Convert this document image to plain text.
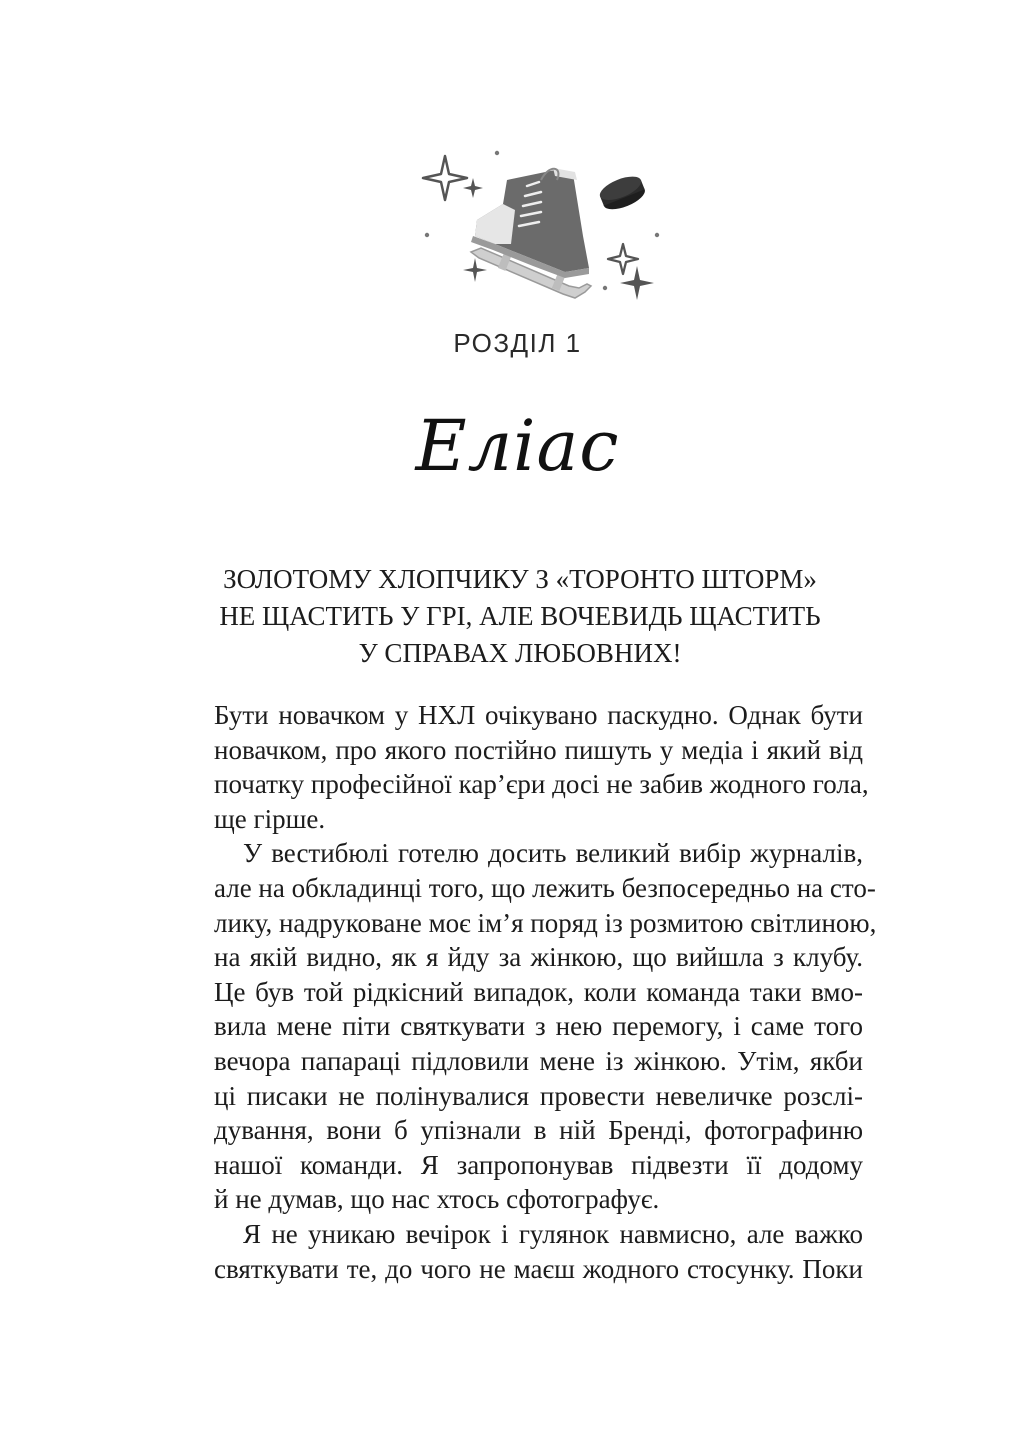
РОЗДІЛ 1
Еліас
ЗОЛОТОМУ ХЛОПЧИКУ З «ТОРОНТО ШТОРМ»
НЕ ЩАСТИТЬ У ГРІ, АЛЕ ВОЧЕВИДЬ ЩАСТИТЬ
У СПРАВАХ ЛЮБОВНИХ!
Бути новачком у НХЛ очікувано паскудно. Однак бути
новачком, про якого постійно пишуть у медіа і який від
початку професійної кар’єри досі не забив жодного гола,
ще гірше.
У вестибюлі готелю досить великий вибір журналів,
але на обкладинці того, що лежить безпосередньо на сто-
лику, надруковане моє ім’я поряд із розмитою світлиною,
на якій видно, як я йду за жінкою, що вийшла з клубу.
Це був той рідкісний випадок, коли команда таки вмо-
вила мене піти святкувати з нею перемогу, і саме того
вечора папараці підловили мене із жінкою. Утім, якби
ці писаки не полінувалися провести невеличке розслі-
дування, вони б упізнали в ній Бренді, фотографиню
нашої команди. Я запропонував підвезти її додому
й не думав, що нас хтось сфотографує.
Я не уникаю вечірок і гулянок навмисно, але важко
святкувати те, до чого не маєш жодного стосунку. Поки
